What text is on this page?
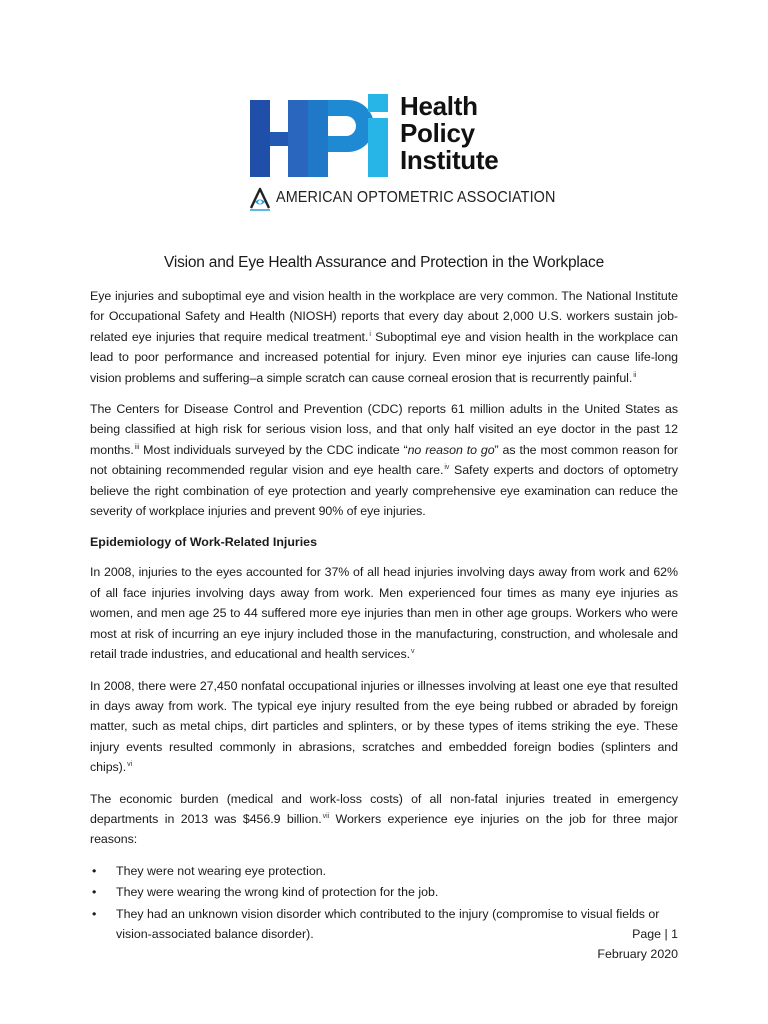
Health
Policy
Institute
AMERICAN OPTOMETRIC ASSOCIATION
Vision and Eye Health Assurance and Protection in the Workplace

Eye injuries and suboptimal eye and vision health in the workplace are very common. The National Institute for Occupational Safety and Health (NIOSH) reports that every day about 2,000 U.S. workers sustain job-related eye injuries that require medical treatment.$^i$ Suboptimal eye and vision health in the workplace can lead to poor performance and increased potential for injury. Even minor eye injuries can cause life-long vision problems and suffering–a simple scratch can cause corneal erosion that is recurrently painful.$^{ii}$

The Centers for Disease Control and Prevention (CDC) reports 61 million adults in the United States as being classified at high risk for serious vision loss, and that only half visited an eye doctor in the past 12 months.$^{iii}$ Most individuals surveyed by the CDC indicate “no reason to go” as the most common reason for not obtaining recommended regular vision and eye health care.$^{iv}$ Safety experts and doctors of optometry believe the right combination of eye protection and yearly comprehensive eye examination can reduce the severity of workplace injuries and prevent 90% of eye injuries.

Epidemiology of Work-Related Injuries

In 2008, injuries to the eyes accounted for 37% of all head injuries involving days away from work and 62% of all face injuries involving days away from work. Men experienced four times as many eye injuries as women, and men age 25 to 44 suffered more eye injuries than men in other age groups. Workers who were most at risk of incurring an eye injury included those in the manufacturing, construction, and wholesale and retail trade industries, and educational and health services.$^v$

In 2008, there were 27,450 nonfatal occupational injuries or illnesses involving at least one eye that resulted in days away from work. The typical eye injury resulted from the eye being rubbed or abraded by foreign matter, such as metal chips, dirt particles and splinters, or by these types of items striking the eye. These injury events resulted commonly in abrasions, scratches and embedded foreign bodies (splinters and chips).$^{vi}$

The economic burden (medical and work-loss costs) of all non-fatal injuries treated in emergency departments in 2013 was $456.9 billion.$^{vii}$ Workers experience eye injuries on the job for three major reasons:

• They were not wearing eye protection.
• They were wearing the wrong kind of protection for the job.
• They had an unknown vision disorder which contributed to the injury (compromise to visual fields or vision-associated balance disorder).	Page | 1
February 2020
